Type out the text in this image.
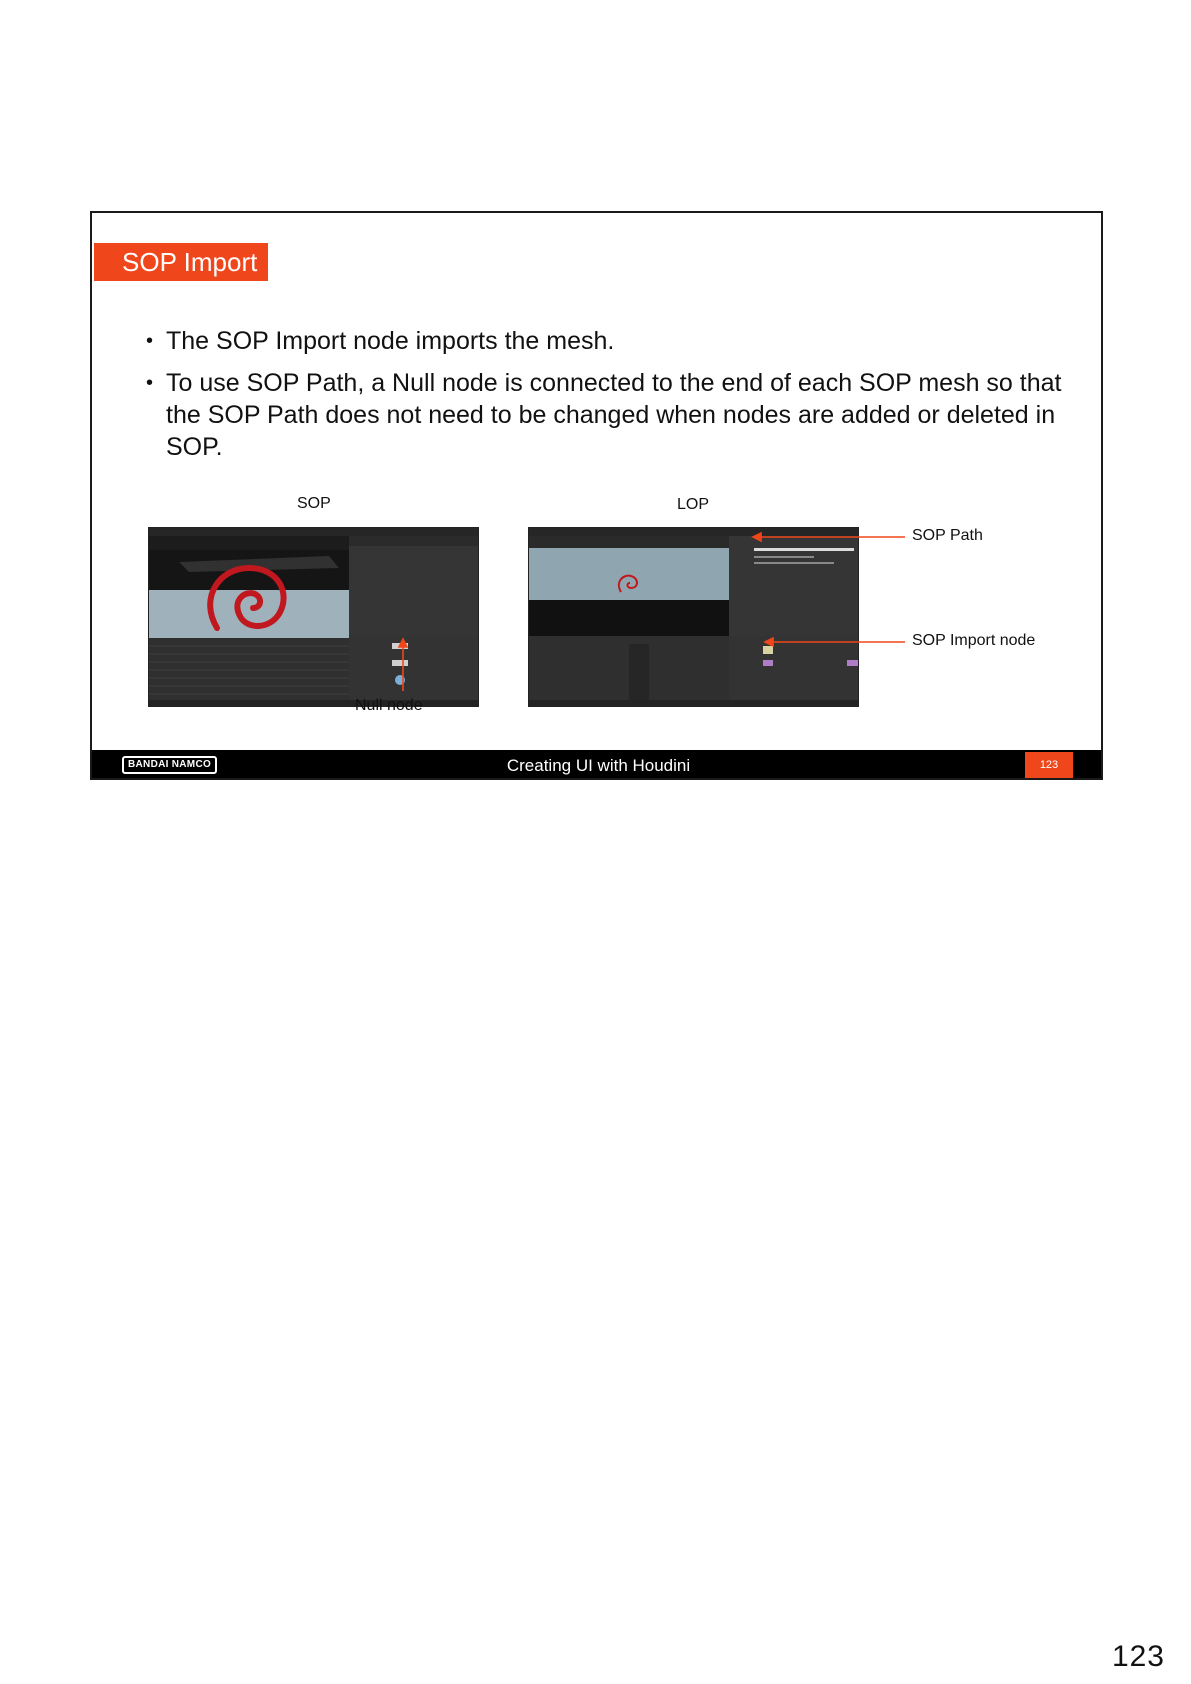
SOP Import
• The SOP Import node imports the mesh.
• To use SOP Path, a Null node is connected to the end of each SOP mesh so that the SOP Path does not need to be changed when nodes are added or deleted in SOP.
SOP	LOP
Null node
SOP Path
SOP Import node
BANDAI NAMCO	Creating UI with Houdini	123
123
